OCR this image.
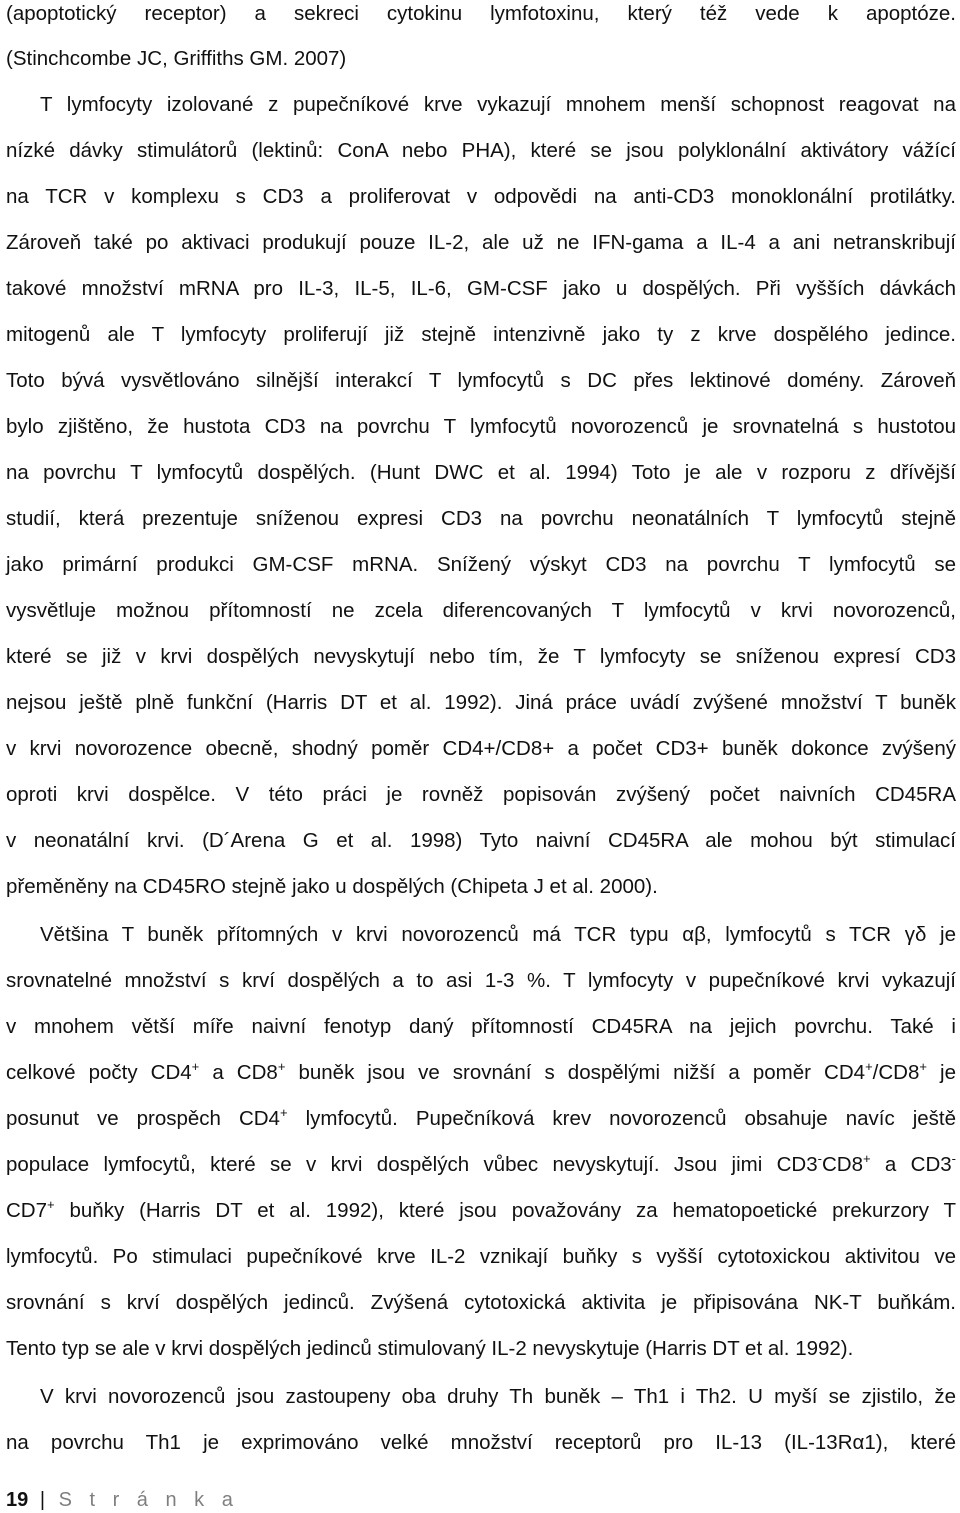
(apoptotický receptor) a sekreci cytokinu lymfotoxinu, který též vede k apoptóze.
(Stinchcombe JC, Griffiths GM. 2007)
T lymfocyty izolované z pupečníkové krve vykazují mnohem menší schopnost reagovat na
nízké dávky stimulátorů (lektinů: ConA nebo PHA), které se jsou polyklonální aktivátory vážící
na TCR v komplexu s CD3 a proliferovat v odpovědi na anti-CD3 monoklonální protilátky.
Zároveň také po aktivaci produkují pouze IL-2, ale už ne IFN-gama a IL-4 a ani netranskribují
takové množství mRNA pro IL-3, IL-5, IL-6, GM-CSF jako u dospělých. Při vyšších dávkách
mitogenů ale T lymfocyty proliferují již stejně intenzivně jako ty z krve dospělého jedince.
Toto bývá vysvětlováno silnější interakcí T lymfocytů s DC přes lektinové domény. Zároveň
bylo zjištěno, že hustota CD3 na povrchu T lymfocytů novorozenců je srovnatelná s hustotou
na povrchu T lymfocytů dospělých. (Hunt DWC et al. 1994) Toto je ale v rozporu z dřívější
studií, která prezentuje sníženou expresi CD3 na povrchu neonatálních T lymfocytů stejně
jako primární produkci GM-CSF mRNA. Snížený výskyt CD3 na povrchu T lymfocytů se
vysvětluje možnou přítomností ne zcela diferencovaných T lymfocytů v krvi novorozenců,
které se již v krvi dospělých nevyskytují nebo tím, že T lymfocyty se sníženou expresí CD3
nejsou ještě plně funkční (Harris DT et al. 1992). Jiná práce uvádí zvýšené množství T buněk
v krvi novorozence obecně, shodný poměr CD4+/CD8+ a počet CD3+ buněk dokonce zvýšený
oproti krvi dospělce. V této práci je rovněž popisován zvýšený počet naivních CD45RA
v neonatální krvi. (D´Arena G et al. 1998) Tyto naivní CD45RA ale mohou být stimulací
přeměněny na CD45RO stejně jako u dospělých (Chipeta J et al. 2000).
Většina T buněk přítomných v krvi novorozenců má TCR typu αβ, lymfocytů s TCR γδ je
srovnatelné množství s krví dospělých a to asi 1-3 %. T lymfocyty v pupečníkové krvi vykazují
v mnohem větší míře naivní fenotyp daný přítomností CD45RA na jejich povrchu. Také i
celkové počty CD4+ a CD8+ buněk jsou ve srovnání s dospělými nižší a poměr CD4+/CD8+ je
posunut ve prospěch CD4+ lymfocytů. Pupečníková krev novorozenců obsahuje navíc ještě
populace lymfocytů, které se v krvi dospělých vůbec nevyskytují. Jsou jimi CD3-CD8+ a CD3-
CD7+ buňky (Harris DT et al. 1992), které jsou považovány za hematopoetické prekurzory T
lymfocytů. Po stimulaci pupečníkové krve IL-2 vznikají buňky s vyšší cytotoxickou aktivitou ve
srovnání s krví dospělých jedinců. Zvýšená cytotoxická aktivita je připisována NK-T buňkám.
Tento typ se ale v krvi dospělých jedinců stimulovaný IL-2 nevyskytuje (Harris DT et al. 1992).
V krvi novorozenců jsou zastoupeny oba druhy Th buněk – Th1 i Th2. U myší se zjistilo, že
na povrchu Th1 je exprimováno velké množství receptorů pro IL-13 (IL-13Rα1), které
19 | S t r á n k a
